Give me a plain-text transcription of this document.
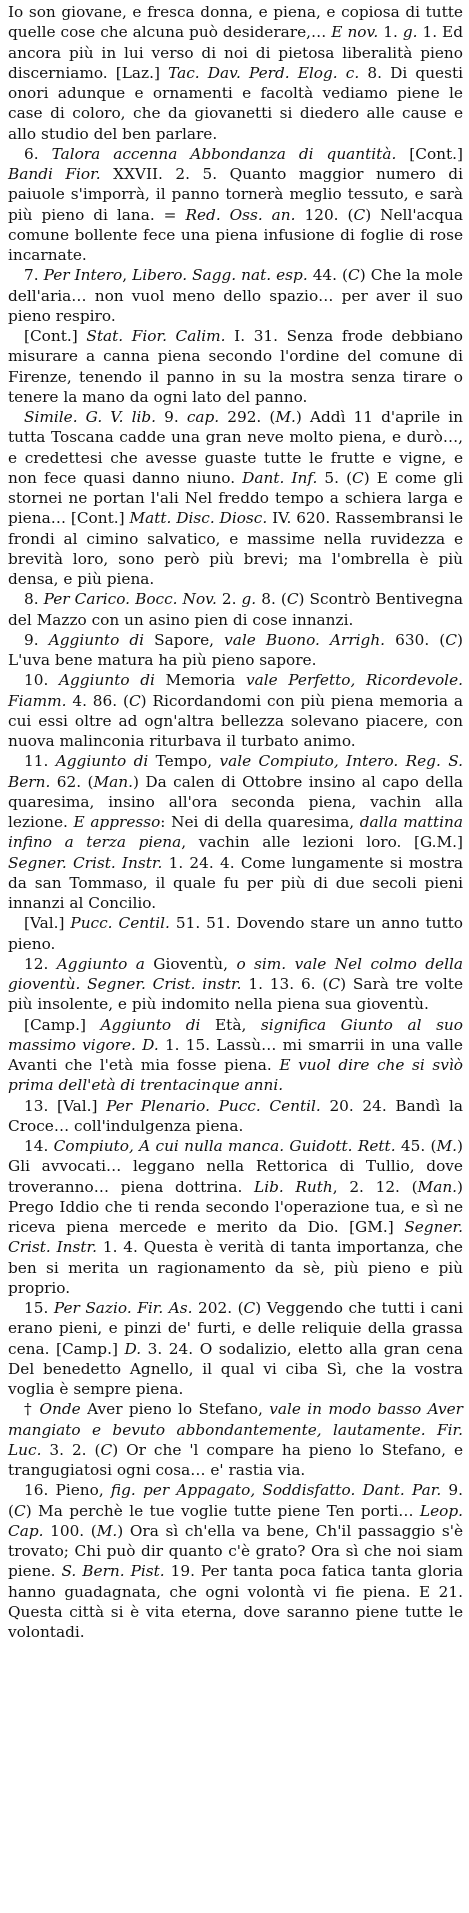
Io son giovane, e fresca donna, e piena, e copiosa di tutte quelle cose che alcuna può desiderare,… E nov. 1. g. 1. Ed ancora più in lui verso di noi di pietosa liberalità pieno discerniamo. [Laz.] Tac. Dav. Perd. Elog. c. 8. Di questi onori adunque e ornamenti e facoltà vediamo piene le case di coloro, che da giovanetti si diedero alle cause e allo studio del ben parlare.

6. Talora accenna Abbondanza di quantità. [Cont.] Bandi Fior. XXVII. 2. 5. Quanto maggior numero di paiuole s'imporrà, il panno tornerà meglio tessuto, e sarà più pieno di lana. = Red. Oss. an. 120. (C) Nell'acqua comune bollente fece una piena infusione di foglie di rose incarnate.

7. Per Intero, Libero. Sagg. nat. esp. 44. (C) Che la mole dell'aria… non vuol meno dello spazio… per aver il suo pieno respiro.

[Cont.] Stat. Fior. Calim. I. 31. Senza frode debbiano misurare a canna piena secondo l'ordine del comune di Firenze, tenendo il panno in su la mostra senza tirare o tenere la mano da ogni lato del panno.

Simile. G. V. lib. 9. cap. 292. (M.) Addì 11 d'aprile in tutta Toscana cadde una gran neve molto piena, e durò…, e credettesi che avesse guaste tutte le frutte e vigne, e non fece quasi danno niuno. Dant. Inf. 5. (C) E come gli stornei ne portan l'ali Nel freddo tempo a schiera larga e piena… [Cont.] Matt. Disc. Diosc. IV. 620. Rassembransi le frondi al cimino salvatico, e massime nella ruvidezza e brevità loro, sono però più brevi; ma l'ombrella è più densa, e più piena.

8. Per Carico. Bocc. Nov. 2. g. 8. (C) Scontrò Bentivegna del Mazzo con un asino pien di cose innanzi.

9. Aggiunto di Sapore, vale Buono. Arrigh. 630. (C) L'uva bene matura ha più pieno sapore.

10. Aggiunto di Memoria vale Perfetto, Ricordevole. Fiamm. 4. 86. (C) Ricordandomi con più piena memoria a cui essi oltre ad ogn'altra bellezza solevano piacere, con nuova malinconia riturbava il turbato animo.

11. Aggiunto di Tempo, vale Compiuto, Intero. Reg. S. Bern. 62. (Man.) Da calen di Ottobre insino al capo della quaresima, insino all'ora seconda piena, vachin alla lezione. E appresso: Nei di della quaresima, dalla mattina infino a terza piena, vachin alle lezioni loro. [G.M.] Segner. Crist. Instr. 1. 24. 4. Come lungamente si mostra da san Tommaso, il quale fu per più di due secoli pieni innanzi al Concilio.

[Val.] Pucc. Centil. 51. 51. Dovendo stare un anno tutto pieno.

12. Aggiunto a Gioventù, o sim. vale Nel colmo della gioventù. Segner. Crist. instr. 1. 13. 6. (C) Sarà tre volte più insolente, e più indomito nella piena sua gioventù.

[Camp.] Aggiunto di Età, significa Giunto al suo massimo vigore. D. 1. 15. Lassù… mi smarrii in una valle Avanti che l'età mia fosse piena. E vuol dire che si svìò prima dell'età di trentacinque anni.

13. [Val.] Per Plenario. Pucc. Centil. 20. 24. Bandì la Croce… coll'indulgenza piena.

14. Compiuto, A cui nulla manca. Guidott. Rett. 45. (M.) Gli avvocati… leggano nella Rettorica di Tullio, dove troveranno… piena dottrina. Lib. Ruth, 2. 12. (Man.) Prego Iddio che ti renda secondo l'operazione tua, e sì ne riceva piena mercede e merito da Dio. [GM.] Segner. Crist. Instr. 1. 4. Questa è verità di tanta importanza, che ben si merita un ragionamento da sè, più pieno e più proprio.

15. Per Sazio. Fir. As. 202. (C) Veggendo che tutti i cani erano pieni, e pinzi de' furti, e delle reliquie della grassa cena. [Camp.] D. 3. 24. O sodalizio, eletto alla gran cena Del benedetto Agnello, il qual vi ciba Sì, che la vostra voglia è sempre piena.

† Onde Aver pieno lo Stefano, vale in modo basso Aver mangiato e bevuto abbondantemente, lautamente. Fir. Luc. 3. 2. (C) Or che 'l compare ha pieno lo Stefano, e trangugiatosi ogni cosa… e' rastia via.

16. Pieno, fig. per Appagato, Soddisfatto. Dant. Par. 9. (C) Ma perchè le tue voglie tutte piene Ten porti… Leop. Cap. 100. (M.) Ora sì ch'ella va bene, Ch'il passaggio s'è trovato; Chi può dir quanto c'è grato? Ora sì che noi siam piene. S. Bern. Pist. 19. Per tanta poca fatica tanta gloria hanno guadagnata, che ogni volontà vi fie piena. E 21. Questa città si è vita eterna, dove saranno piene tutte le volontadi.
